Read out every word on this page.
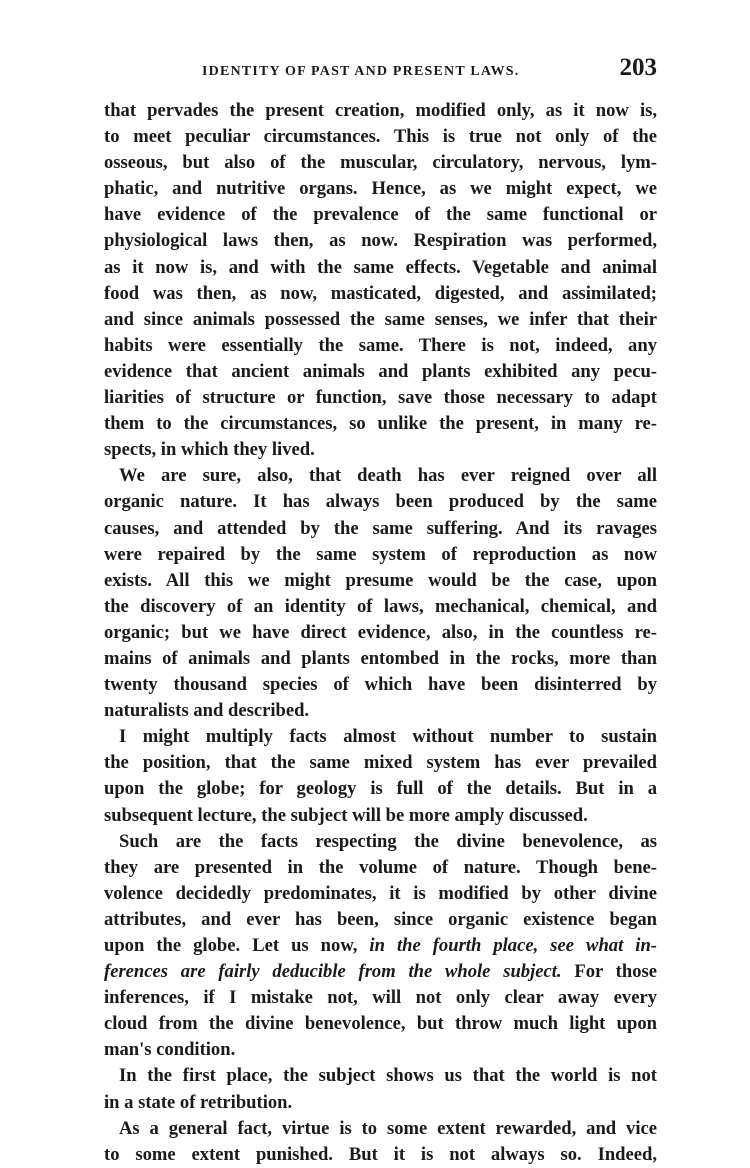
IDENTITY OF PAST AND PRESENT LAWS.	203
that pervades the present creation, modified only, as it now is,
to meet peculiar circumstances. This is true not only of the
osseous, but also of the muscular, circulatory, nervous, lym-
phatic, and nutritive organs. Hence, as we might expect, we
have evidence of the prevalence of the same functional or
physiological laws then, as now. Respiration was performed,
as it now is, and with the same effects. Vegetable and animal
food was then, as now, masticated, digested, and assimilated;
and since animals possessed the same senses, we infer that their
habits were essentially the same. There is not, indeed, any
evidence that ancient animals and plants exhibited any pecu-
liarities of structure or function, save those necessary to adapt
them to the circumstances, so unlike the present, in many re-
spects, in which they lived.
We are sure, also, that death has ever reigned over all
organic nature. It has always been produced by the same
causes, and attended by the same suffering. And its ravages
were repaired by the same system of reproduction as now
exists. All this we might presume would be the case, upon
the discovery of an identity of laws, mechanical, chemical, and
organic; but we have direct evidence, also, in the countless re-
mains of animals and plants entombed in the rocks, more than
twenty thousand species of which have been disinterred by
naturalists and described.
I might multiply facts almost without number to sustain
the position, that the same mixed system has ever prevailed
upon the globe; for geology is full of the details. But in a
subsequent lecture, the subject will be more amply discussed.
Such are the facts respecting the divine benevolence, as
they are presented in the volume of nature. Though bene-
volence decidedly predominates, it is modified by other divine
attributes, and ever has been, since organic existence began
upon the globe. Let us now, in the fourth place, see what in-
ferences are fairly deducible from the whole subject. For those
inferences, if I mistake not, will not only clear away every
cloud from the divine benevolence, but throw much light upon
man's condition.
In the first place, the subject shows us that the world is not
in a state of retribution.
As a general fact, virtue is to some extent rewarded, and vice
to some extent punished. But it is not always so. Indeed,
